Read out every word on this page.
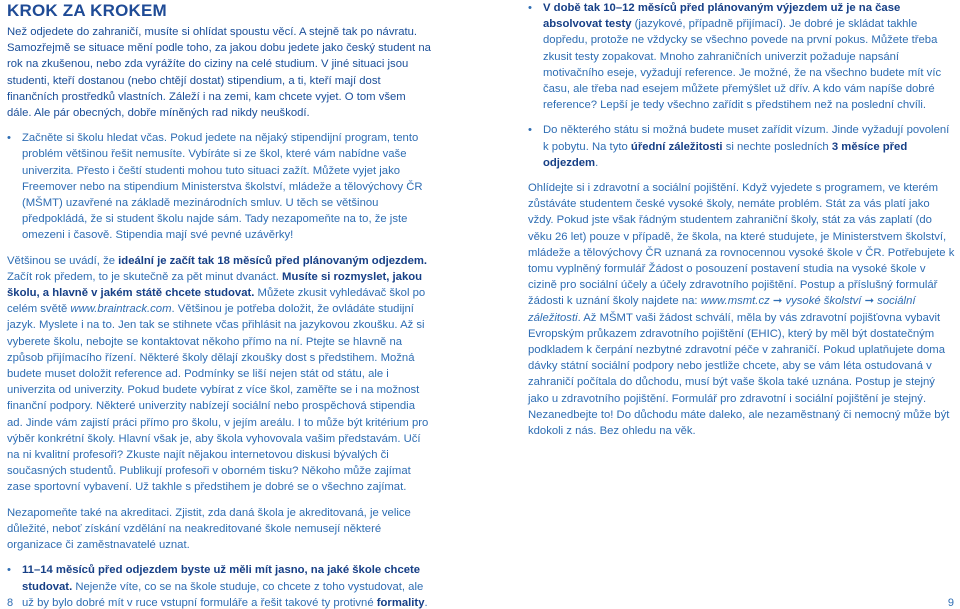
KROK ZA KROKEM

Než odjedete do zahraničí, musíte si ohlídat spoustu věcí. A stejně tak po návratu. Samozřejmě se situace mění podle toho, za jakou dobu jedete jako český student na rok na zkušenou, nebo zda vyrážíte do ciziny na celé studium. V jiné situaci jsou studenti, kteří dostanou (nebo chtějí dostat) stipendium, a ti, kteří mají dost finančních prostředků vlastních. Záleží i na zemi, kam chcete vyjet. O tom všem dále. Ale pár obecných, dobře míněných rad nikdy neuškodí.

• Začněte si školu hledat včas. Pokud jedete na nějaký stipendijní program, tento problém většinou řešit nemusíte. Vybíráte si ze škol, které vám nabídne vaše univerzita. Přesto i čeští studenti mohou tuto situaci zažít. Můžete vyjet jako Freemover nebo na stipendium Ministerstva školství, mládeže a tělovýchovy ČR (MŠMT) uzavřené na základě mezinárodních smluv. U těch se většinou předpokládá, že si student školu najde sám. Tady nezapomeňte na to, že jste omezeni i časově. Stipendia mají své pevné uzávěrky!

Většinou se uvádí, že ideální je začít tak 18 měsíců před plánovaným odjezdem. Začít rok předem, to je skutečně za pět minut dvanáct. Musíte si rozmyslet, jakou školu, a hlavně v jakém státě chcete studovat. Můžete zkusit vyhledávač škol po celém světě www.braintrack.com. Většinou je potřeba doložit, že ovládáte studijní jazyk. Myslete i na to. Jen tak se stihnete včas přihlásit na jazykovou zkoušku. Až si vyberete školu, nebojte se kontaktovat někoho přímo na ní. Ptejte se hlavně na způsob přijímacího řízení. Některé školy dělají zkoušky dost s předstihem. Možná budete muset doložit reference ad. Podmínky se liší nejen stát od státu, ale i univerzita od univerzity. Pokud budete vybírat z více škol, zaměřte se i na možnost finanční podpory. Některé univerzity nabízejí sociální nebo prospěchová stipendia ad. Jinde vám zajistí práci přímo pro školu, v jejím areálu. I to může být kritérium pro výběr konkrétní školy. Hlavní však je, aby škola vyhovovala vašim představám. Učí na ni kvalitní profesoři? Zkuste najít nějakou internetovou diskusi bývalých či současných studentů. Publikují profesoři v oborném tisku? Někoho může zajímat zase sportovní vybavení. Už takhle s předstihem je dobré se o všechno zajímat.

Nezapomeňte také na akreditaci. Zjistit, zda daná škola je akreditovaná, je velice důležité, neboť získání vzdělání na neakreditované škole nemusejí některé organizace či zaměstnavatelé uznat.

• 11–14 měsíců před odjezdem byste už měli mít jasno, na jaké škole chcete studovat. Nejenže víte, co se na škole studuje, co chcete z toho vystudovat, ale už by bylo dobré mít v ruce vstupní formuláře a řešit takové ty protivné formality.

• V době tak 10–12 měsíců před plánovaným výjezdem už je na čase absolvovat testy (jazykové, případně přijímací). Je dobré je skládat takhle dopředu, protože ne vždycky se všechno povede na první pokus. Můžete třeba zkusit testy zopakovat. Mnoho zahraničních univerzit požaduje napsání motivačního eseje, vyžadují reference. Je možné, že na všechno budete mít víc času, ale třeba nad esejem můžete přemýšlet už dřív. A kdo vám napíše dobré reference? Lepší je tedy všechno zařídit s předstihem než na poslední chvíli.

• Do některého státu si možná budete muset zařídit vízum. Jinde vyžadují povolení k pobytu. Na tyto úřední záležitosti si nechte posledních 3 měsíce před odjezdem.

Ohlídejte si i zdravotní a sociální pojištění. Když vyjedete s programem, ve kterém zůstáváte studentem české vysoké školy, nemáte problém. Stát za vás platí jako vždy. Pokud jste však řádným studentem zahraniční školy, stát za vás zaplatí (do věku 26 let) pouze v případě, že škola, na které studujete, je Ministerstvem školství, mládeže a tělovýchovy ČR uznaná za rovnocennou vysoké škole v ČR. Potřebujete k tomu vyplněný formulář Žádost o posouzení postavení studia na vysoké škole v cizině pro sociální účely a účely zdravotního pojištění. Postup a příslušný formulář žádosti k uznání školy najdete na: www.msmt.cz ➞ vysoké školství ➞ sociální záležitosti. Až MŠMT vaši žádost schválí, měla by vás zdravotní pojišťovna vybavit Evropským průkazem zdravotního pojištění (EHIC), který by měl být dostatečným podkladem k čerpání nezbytné zdravotní péče v zahraničí. Pokud uplatňujete doma dávky státní sociální podpory nebo jestliže chcete, aby se vám léta ostudovaná v zahraničí počítala do důchodu, musí být vaše škola také uznána. Postup je stejný jako u zdravotního pojištění. Formulář pro zdravotní i sociální pojištění je stejný. Nezanedbejte to! Do důchodu máte daleko, ale nezaměstnaný či nemocný může být kdokoli z nás. Bez ohledu na věk.

8	9
